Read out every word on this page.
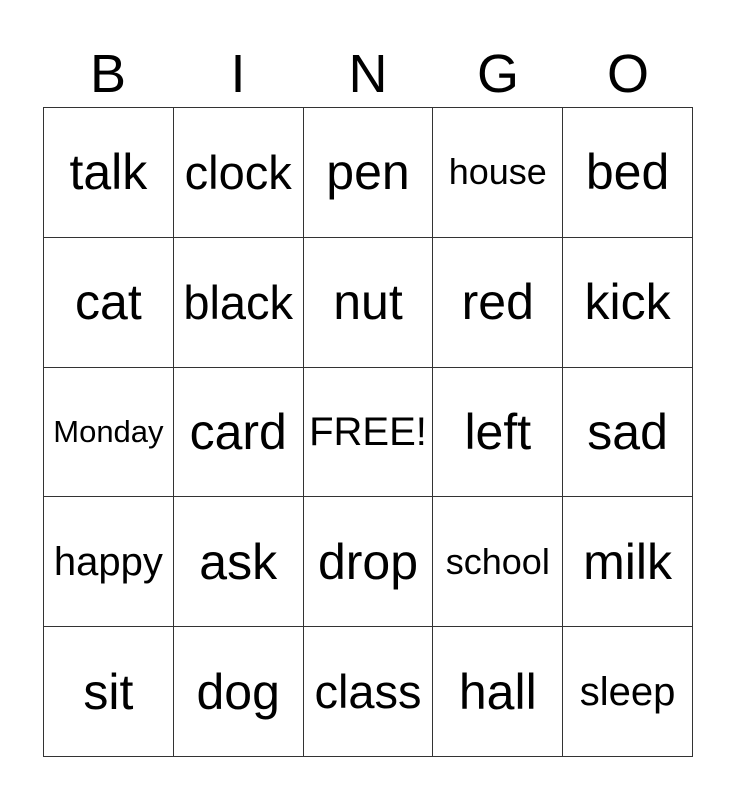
B	I	N	G	O
talk clock pen house bed
cat black nut red kick
Monday card FREE! left sad
happy ask drop school milk
sit dog class hall sleep
